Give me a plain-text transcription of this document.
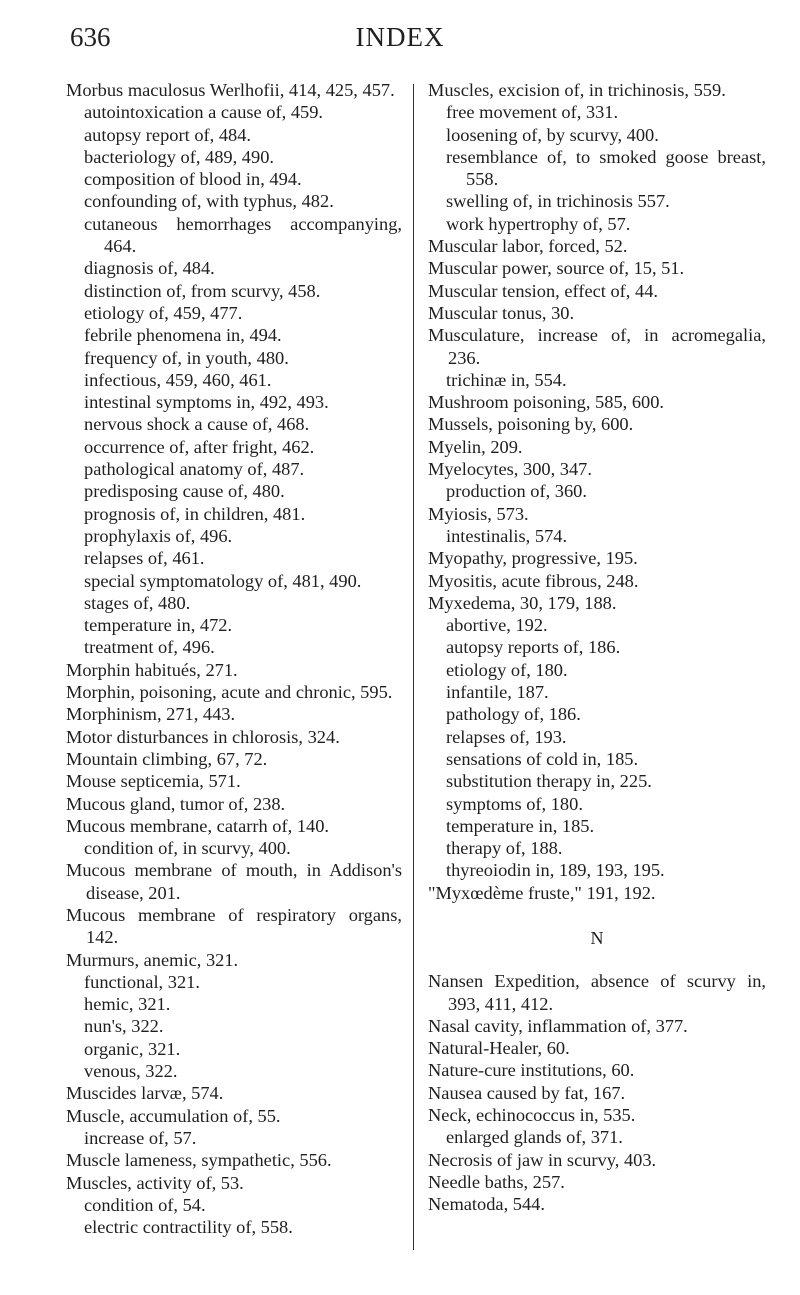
636	INDEX
Morbus maculosus Werlhofii, 414, 425, 457.
autointoxication a cause of, 459.
autopsy report of, 484.
bacteriology of, 489, 490.
composition of blood in, 494.
confounding of, with typhus, 482.
cutaneous hemorrhages accompanying, 464.
diagnosis of, 484.
distinction of, from scurvy, 458.
etiology of, 459, 477.
febrile phenomena in, 494.
frequency of, in youth, 480.
infectious, 459, 460, 461.
intestinal symptoms in, 492, 493.
nervous shock a cause of, 468.
occurrence of, after fright, 462.
pathological anatomy of, 487.
predisposing cause of, 480.
prognosis of, in children, 481.
prophylaxis of, 496.
relapses of, 461.
special symptomatology of, 481, 490.
stages of, 480.
temperature in, 472.
treatment of, 496.
Morphin habitués, 271.
Morphin, poisoning, acute and chronic, 595.
Morphinism, 271, 443.
Motor disturbances in chlorosis, 324.
Mountain climbing, 67, 72.
Mouse septicemia, 571.
Mucous gland, tumor of, 238.
Mucous membrane, catarrh of, 140.
condition of, in scurvy, 400.
Mucous membrane of mouth, in Addison's disease, 201.
Mucous membrane of respiratory organs, 142.
Murmurs, anemic, 321.
functional, 321.
hemic, 321.
nun's, 322.
organic, 321.
venous, 322.
Muscides larvæ, 574.
Muscle, accumulation of, 55.
increase of, 57.
Muscle lameness, sympathetic, 556.
Muscles, activity of, 53.
condition of, 54.
electric contractility of, 558.
Muscles, excision of, in trichinosis, 559.
free movement of, 331.
loosening of, by scurvy, 400.
resemblance of, to smoked goose breast, 558.
swelling of, in trichinosis 557.
work hypertrophy of, 57.
Muscular labor, forced, 52.
Muscular power, source of, 15, 51.
Muscular tension, effect of, 44.
Muscular tonus, 30.
Musculature, increase of, in acromegalia, 236.
trichinæ in, 554.
Mushroom poisoning, 585, 600.
Mussels, poisoning by, 600.
Myelin, 209.
Myelocytes, 300, 347.
production of, 360.
Myiosis, 573.
intestinalis, 574.
Myopathy, progressive, 195.
Myositis, acute fibrous, 248.
Myxedema, 30, 179, 188.
abortive, 192.
autopsy reports of, 186.
etiology of, 180.
infantile, 187.
pathology of, 186.
relapses of, 193.
sensations of cold in, 185.
substitution therapy in, 225.
symptoms of, 180.
temperature in, 185.
therapy of, 188.
thyreoiodin in, 189, 193, 195.
"Myxœdème fruste," 191, 192.
N
Nansen Expedition, absence of scurvy in, 393, 411, 412.
Nasal cavity, inflammation of, 377.
Natural-Healer, 60.
Nature-cure institutions, 60.
Nausea caused by fat, 167.
Neck, echinococcus in, 535.
enlarged glands of, 371.
Necrosis of jaw in scurvy, 403.
Needle baths, 257.
Nematoda, 544.
